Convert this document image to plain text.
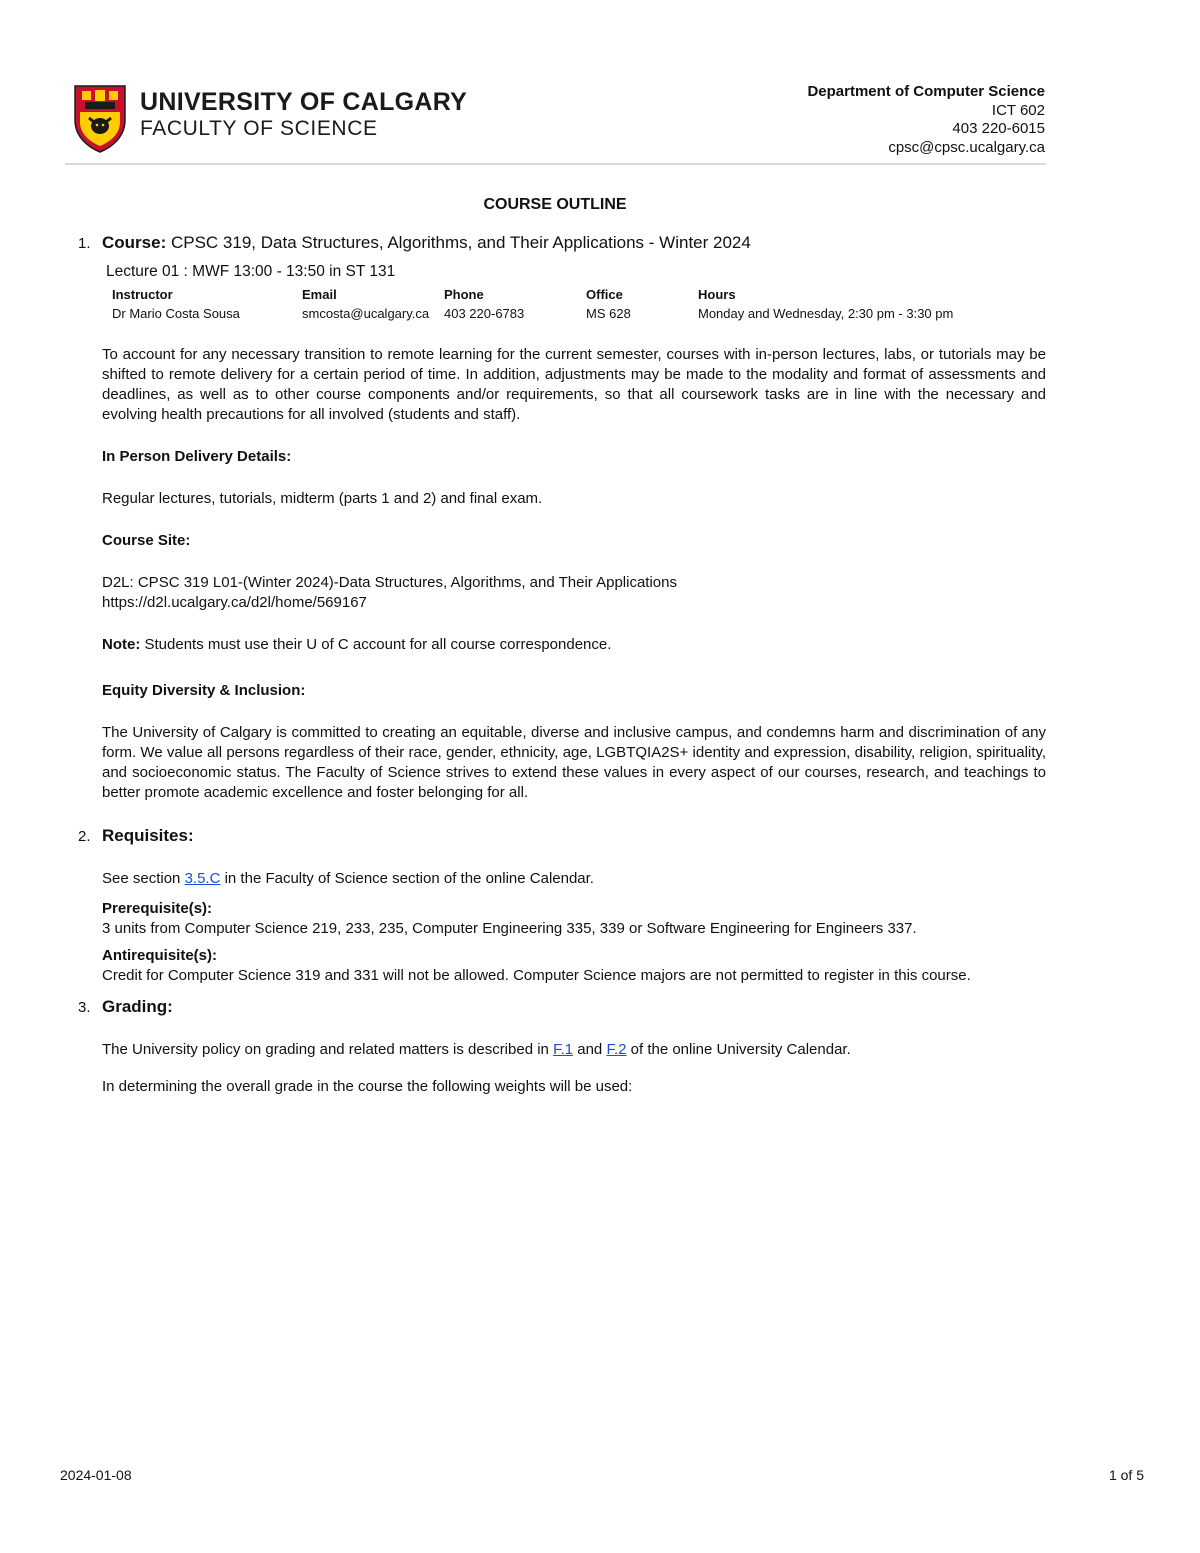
UNIVERSITY OF CALGARY
FACULTY OF SCIENCE
Department of Computer Science
ICT 602
403 220-6015
cpsc@cpsc.ucalgary.ca
COURSE OUTLINE
1. Course: CPSC 319, Data Structures, Algorithms, and Their Applications - Winter 2024
Lecture 01 : MWF 13:00 - 13:50 in ST 131
Instructor	Email	Phone	Office	Hours
Dr Mario Costa Sousa	smcosta@ucalgary.ca	403 220-6783	MS 628	Monday and Wednesday, 2:30 pm - 3:30 pm

To account for any necessary transition to remote learning for the current semester, courses with in-person lectures, labs, or tutorials may be shifted to remote delivery for a certain period of time. In addition, adjustments may be made to the modality and format of assessments and deadlines, as well as to other course components and/or requirements, so that all coursework tasks are in line with the necessary and evolving health precautions for all involved (students and staff).

In Person Delivery Details:

Regular lectures, tutorials, midterm (parts 1 and 2) and final exam.

Course Site:

D2L: CPSC 319 L01-(Winter 2024)-Data Structures, Algorithms, and Their Applications

https://d2l.ucalgary.ca/d2l/home/569167

Note: Students must use their U of C account for all course correspondence.

Equity Diversity & Inclusion:

The University of Calgary is committed to creating an equitable, diverse and inclusive campus, and condemns harm and discrimination of any form. We value all persons regardless of their race, gender, ethnicity, age, LGBTQIA2S+ identity and expression, disability, religion, spirituality, and socioeconomic status. The Faculty of Science strives to extend these values in every aspect of our courses, research, and teachings to better promote academic excellence and foster belonging for all.

2. Requisites:

See section 3.5.C in the Faculty of Science section of the online Calendar.

Prerequisite(s):

3 units from Computer Science 219, 233, 235, Computer Engineering 335, 339 or Software Engineering for Engineers 337.

Antirequisite(s):

Credit for Computer Science 319 and 331 will not be allowed. Computer Science majors are not permitted to register in this course.

3. Grading:

The University policy on grading and related matters is described in F.1 and F.2 of the online University Calendar.

In determining the overall grade in the course the following weights will be used:

2024-01-08	1 of 5
